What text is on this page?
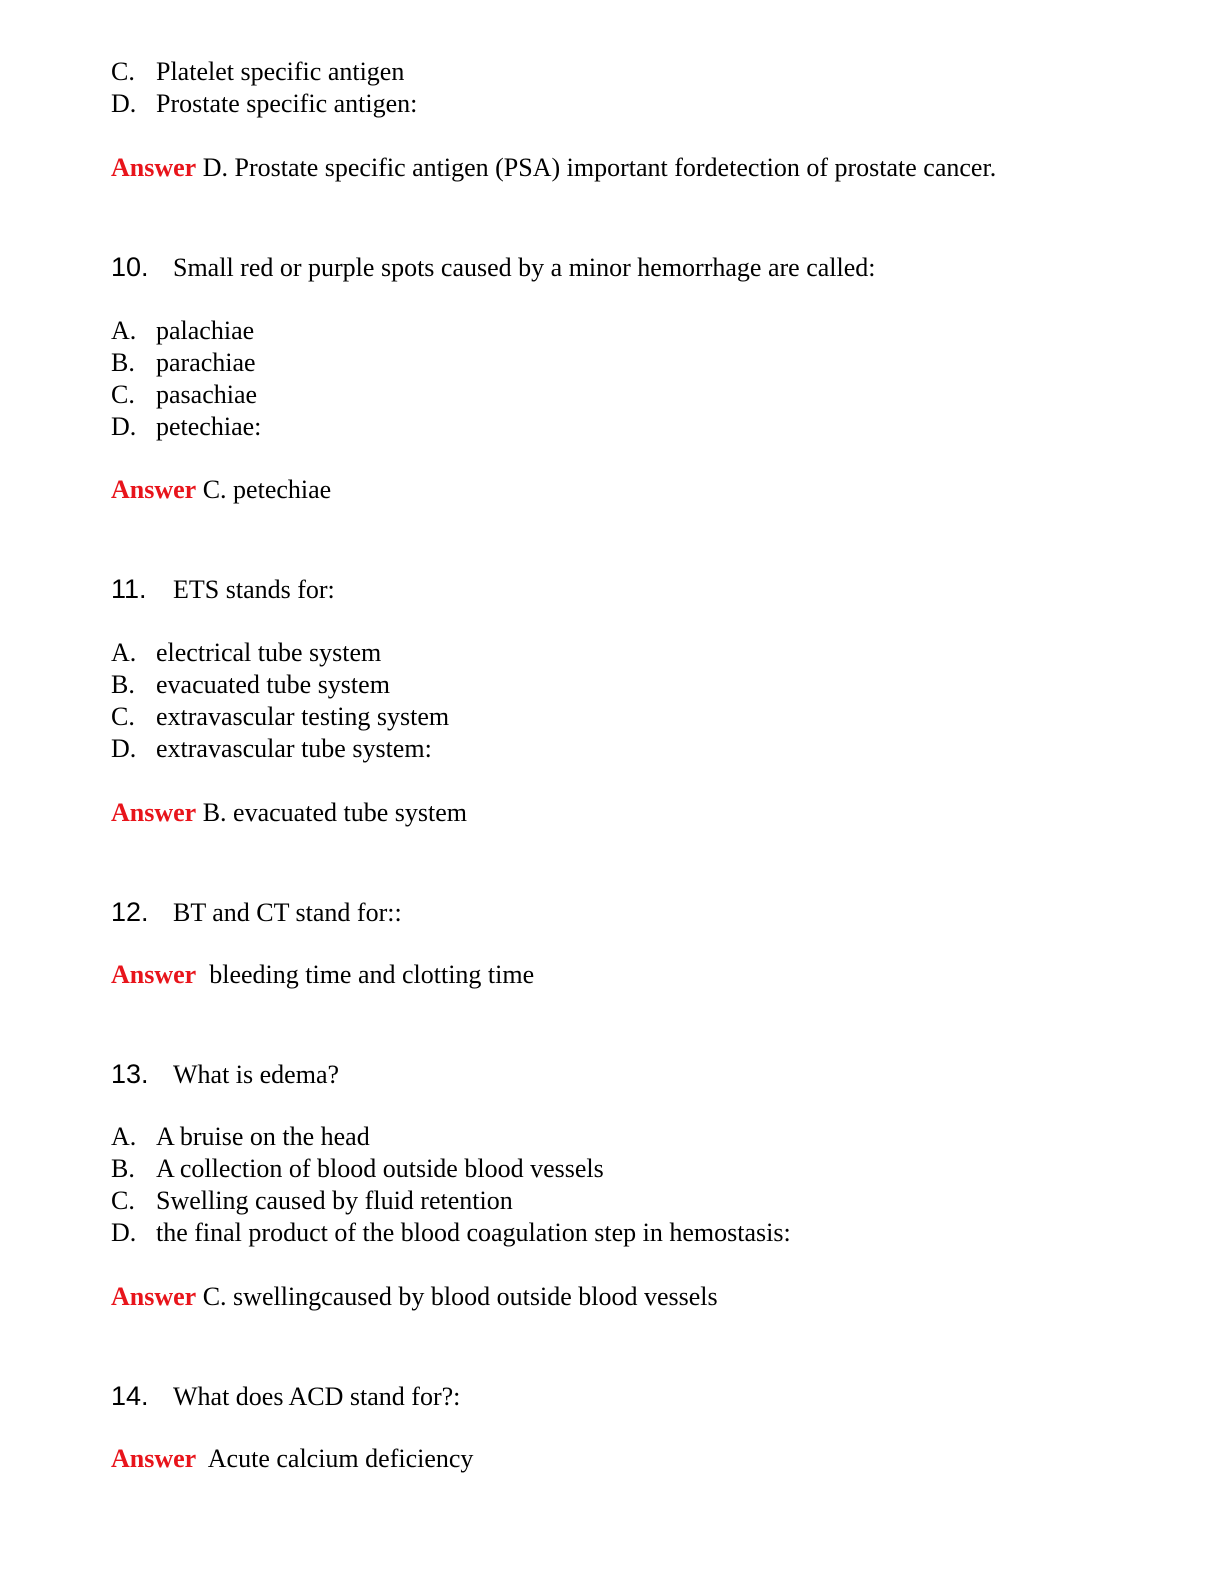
C. Platelet specific antigen
D. Prostate specific antigen:
Answer D. Prostate specific antigen (PSA) important fordetection of prostate cancer.
10. Small red or purple spots caused by a minor hemorrhage are called:
A. palachiae
B. parachiae
C. pasachiae
D. petechiae:
Answer C. petechiae
11. ETS stands for:
A. electrical tube system
B. evacuated tube system
C. extravascular testing system
D. extravascular tube system:
Answer B. evacuated tube system
12. BT and CT stand for::
Answer  bleeding time and clotting time
13. What is edema?
A. A bruise on the head
B. A collection of blood outside blood vessels
C. Swelling caused by fluid retention
D. the final product of the blood coagulation step in hemostasis:
Answer C. swellingcaused by blood outside blood vessels
14. What does ACD stand for?:
Answer  Acute calcium deficiency
